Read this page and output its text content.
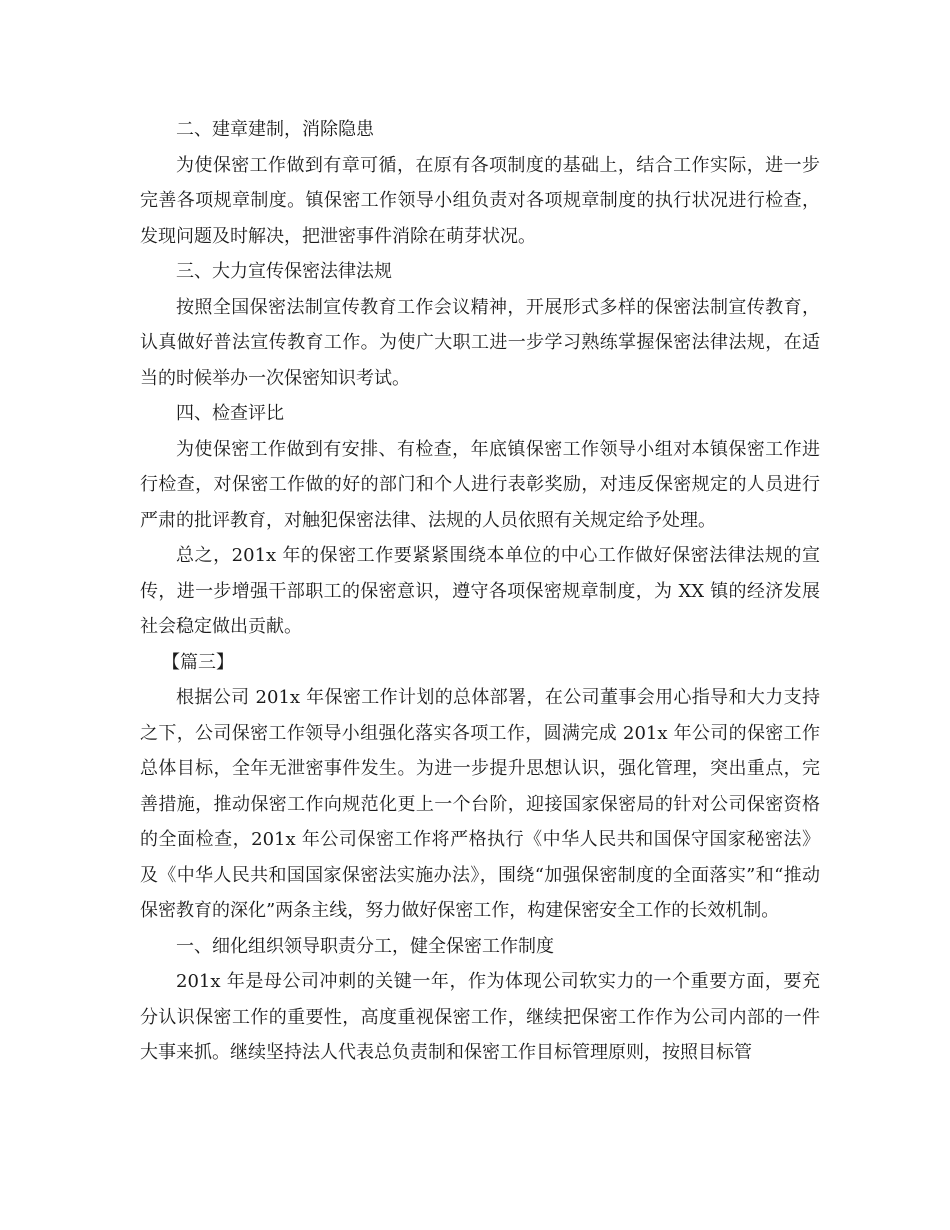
二、建章建制，消除隐患

为使保密工作做到有章可循，在原有各项制度的基础上，结合工作实际，进一步完善各项规章制度。镇保密工作领导小组负责对各项规章制度的执行状况进行检查，发现问题及时解决，把泄密事件消除在萌芽状况。

三、大力宣传保密法律法规

按照全国保密法制宣传教育工作会议精神，开展形式多样的保密法制宣传教育，认真做好普法宣传教育工作。为使广大职工进一步学习熟练掌握保密法律法规，在适当的时候举办一次保密知识考试。

四、检查评比

为使保密工作做到有安排、有检查，年底镇保密工作领导小组对本镇保密工作进行检查，对保密工作做的好的部门和个人进行表彰奖励，对违反保密规定的人员进行严肃的批评教育，对触犯保密法律、法规的人员依照有关规定给予处理。

总之，201x 年的保密工作要紧紧围绕本单位的中心工作做好保密法律法规的宣传，进一步增强干部职工的保密意识，遵守各项保密规章制度，为 XX 镇的经济发展社会稳定做出贡献。

【篇三】

根据公司 201x 年保密工作计划的总体部署，在公司董事会用心指导和大力支持之下，公司保密工作领导小组强化落实各项工作，圆满完成 201x 年公司的保密工作总体目标，全年无泄密事件发生。为进一步提升思想认识，强化管理，突出重点，完善措施，推动保密工作向规范化更上一个台阶，迎接国家保密局的针对公司保密资格的全面检查，201x 年公司保密工作将严格执行《中华人民共和国保守国家秘密法》及《中华人民共和国国家保密法实施办法》，围绕“加强保密制度的全面落实”和“推动保密教育的深化”两条主线，努力做好保密工作，构建保密安全工作的长效机制。

一、细化组织领导职责分工，健全保密工作制度

201x 年是母公司冲刺的关键一年，作为体现公司软实力的一个重要方面，要充分认识保密工作的重要性，高度重视保密工作，继续把保密工作作为公司内部的一件大事来抓。继续坚持法人代表总负责制和保密工作目标管理原则，按照目标管
